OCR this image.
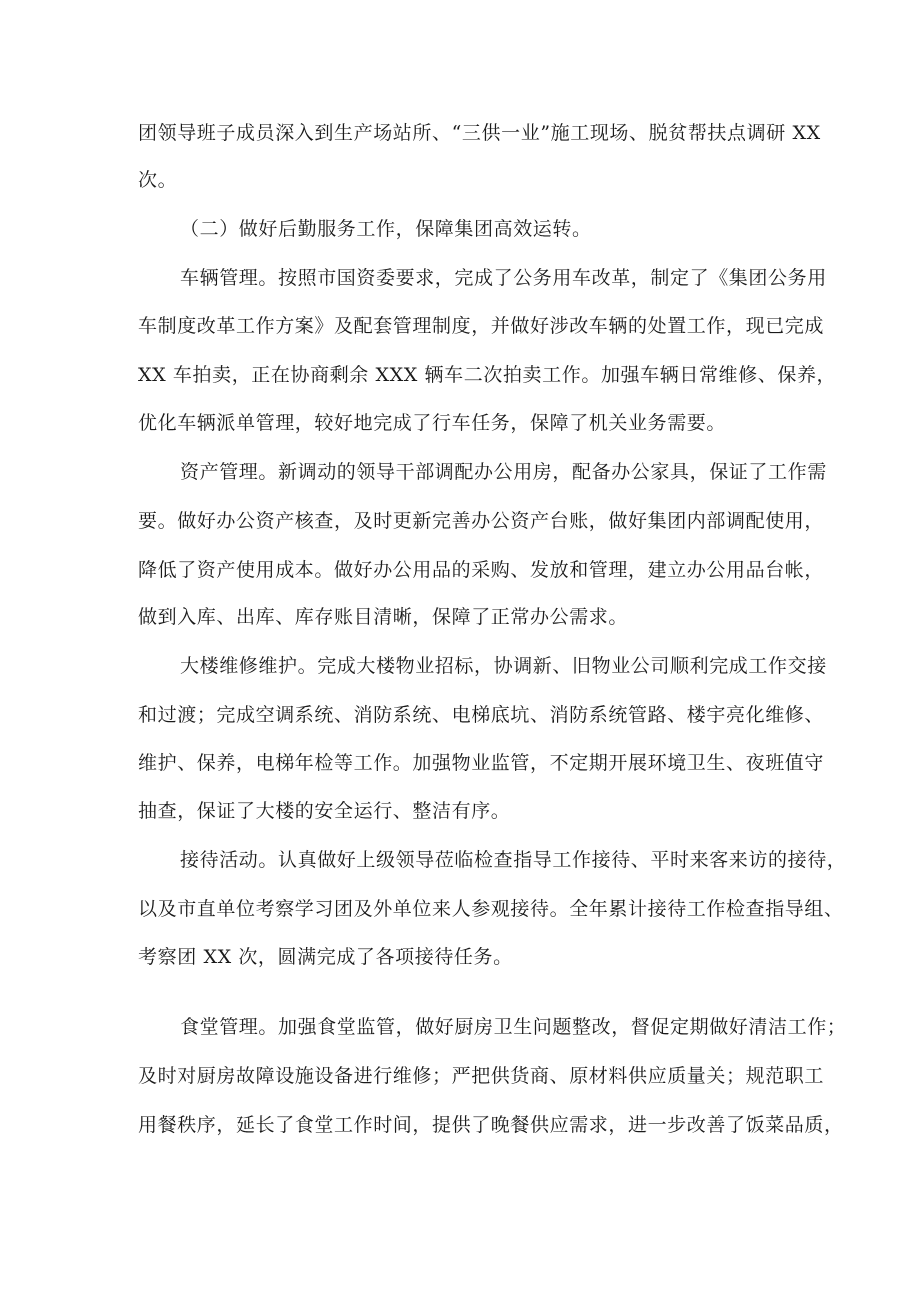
团领导班子成员深入到生产场站所、“三供一业”施工现场、脱贫帮扶点调研 XX
次。
（二）做好后勤服务工作，保障集团高效运转。
车辆管理。按照市国资委要求，完成了公务用车改革，制定了《集团公务用
车制度改革工作方案》及配套管理制度，并做好涉改车辆的处置工作，现已完成
XX 车拍卖，正在协商剩余 XXX 辆车二次拍卖工作。加强车辆日常维修、保养，
优化车辆派单管理，较好地完成了行车任务，保障了机关业务需要。
资产管理。新调动的领导干部调配办公用房，配备办公家具，保证了工作需
要。做好办公资产核查，及时更新完善办公资产台账，做好集团内部调配使用，
降低了资产使用成本。做好办公用品的采购、发放和管理，建立办公用品台帐，
做到入库、出库、库存账目清晰，保障了正常办公需求。
大楼维修维护。完成大楼物业招标，协调新、旧物业公司顺利完成工作交接
和过渡；完成空调系统、消防系统、电梯底坑、消防系统管路、楼宇亮化维修、
维护、保养，电梯年检等工作。加强物业监管，不定期开展环境卫生、夜班值守
抽查，保证了大楼的安全运行、整洁有序。
接待活动。认真做好上级领导莅临检查指导工作接待、平时来客来访的接待，
以及市直单位考察学习团及外单位来人参观接待。全年累计接待工作检查指导组、
考察团 XX 次，圆满完成了各项接待任务。
食堂管理。加强食堂监管，做好厨房卫生问题整改，督促定期做好清洁工作；
及时对厨房故障设施设备进行维修；严把供货商、原材料供应质量关；规范职工
用餐秩序，延长了食堂工作时间，提供了晚餐供应需求，进一步改善了饭菜品质，
